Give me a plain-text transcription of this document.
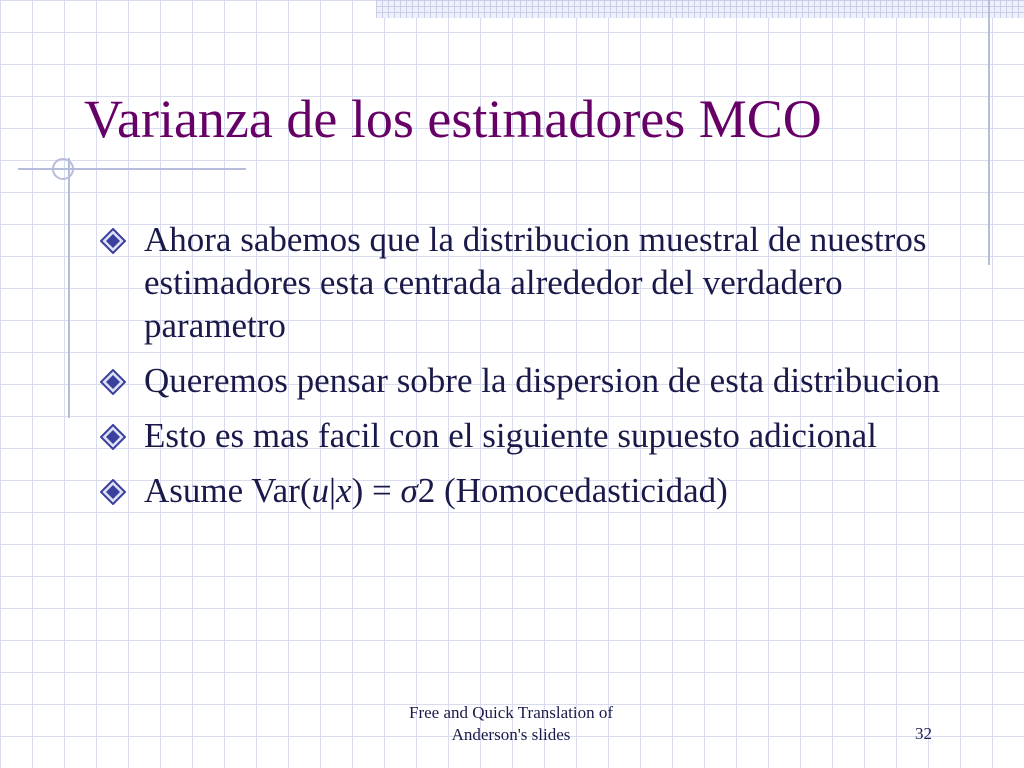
Varianza de los estimadores MCO
Ahora sabemos que la distribucion muestral de nuestros estimadores esta centrada alrededor del verdadero parametro
Queremos pensar sobre la dispersion de esta distribucion
Esto es mas facil con el siguiente supuesto adicional
Asume Var(u|x) = σ2 (Homocedasticidad)
Free and Quick Translation of
Anderson's slides	32
